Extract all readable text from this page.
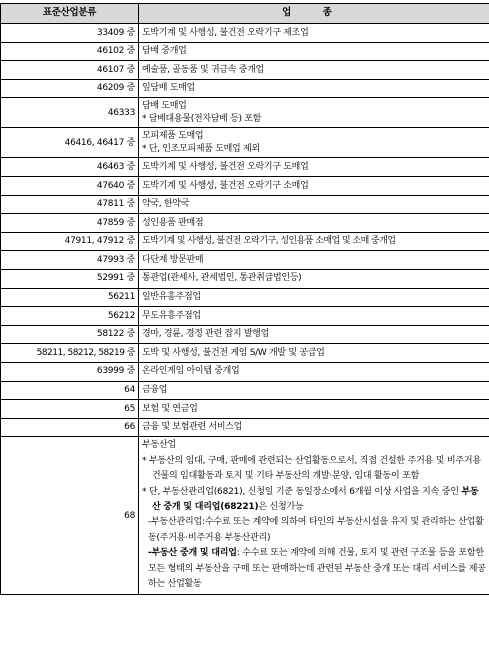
표준산업분류	업 종
33409 중	도박기계 및 사행성, 불건전 오락기구 제조업
46102 중	담배 중개업
46107 중	예술품, 골동품 및 귀금속 중개업
46209 중	잎담배 도매업
46333	담배 도매업
* 담배대용물(전자담배 등) 포함

46416, 46417 중	모피제품 도매업
* 단, 인조모피제품 도매업 제외

46463 중	도박기계 및 사행성, 불건전 오락기구 도매업
47640 중	도박기계 및 사행성, 불건전 오락기구 소매업
47811 중	약국, 한약국
47859 중	성인용품 판매점
47911, 47912 중	도박기계 및 사행성, 불건전 오락기구, 성인용품 소매업 및 소매 중개업
47993 중	다단계 방문판매
52991 중	통관업(관세사, 관세법인, 통관취급법인등)
56211	일반유흥주점업
56212	무도유흥주점업
58122 중	경마, 경륜, 경정 관련 잡지 발행업
58211, 58212, 58219 중	도박 및 사행성, 불건전 게임 S/W 개발 및 공급업
63999 중	온라인게임 아이템 중개업
64	금융업
65	보험 및 연금업
66	금융 및 보험관련 서비스업
68	부동산업
* 부동산의 임대, 구매, 판매에 관련되는 산업활동으로서, 직접 건설한 주거용 및 비주거용 건물의 임대활동과 토지 및 기타 부동산의 개발·분양, 임대 활동이 포함
* 단, 부동산관리업(6821), 신청일 기준 동일장소에서 6개월 이상 사업을 지속 중인 부동산 중개 및 대리업(68221)은 신청가능
-부동산관리업:수수료 또는 계약에 의하여 타인의 부동산시설을 유지 및 관리하는 산업활동(주거용·비주거용 부동산관리)
-부동산 중개 및 대리업: 수수료 또는 계약에 의해 건물, 토지 및 관련 구조물 등을 포함한 모든 형태의 부동산을 구매 또는 판매하는데 관련된 부동산 중개 또는 대리 서비스를 제공하는 산업활동
